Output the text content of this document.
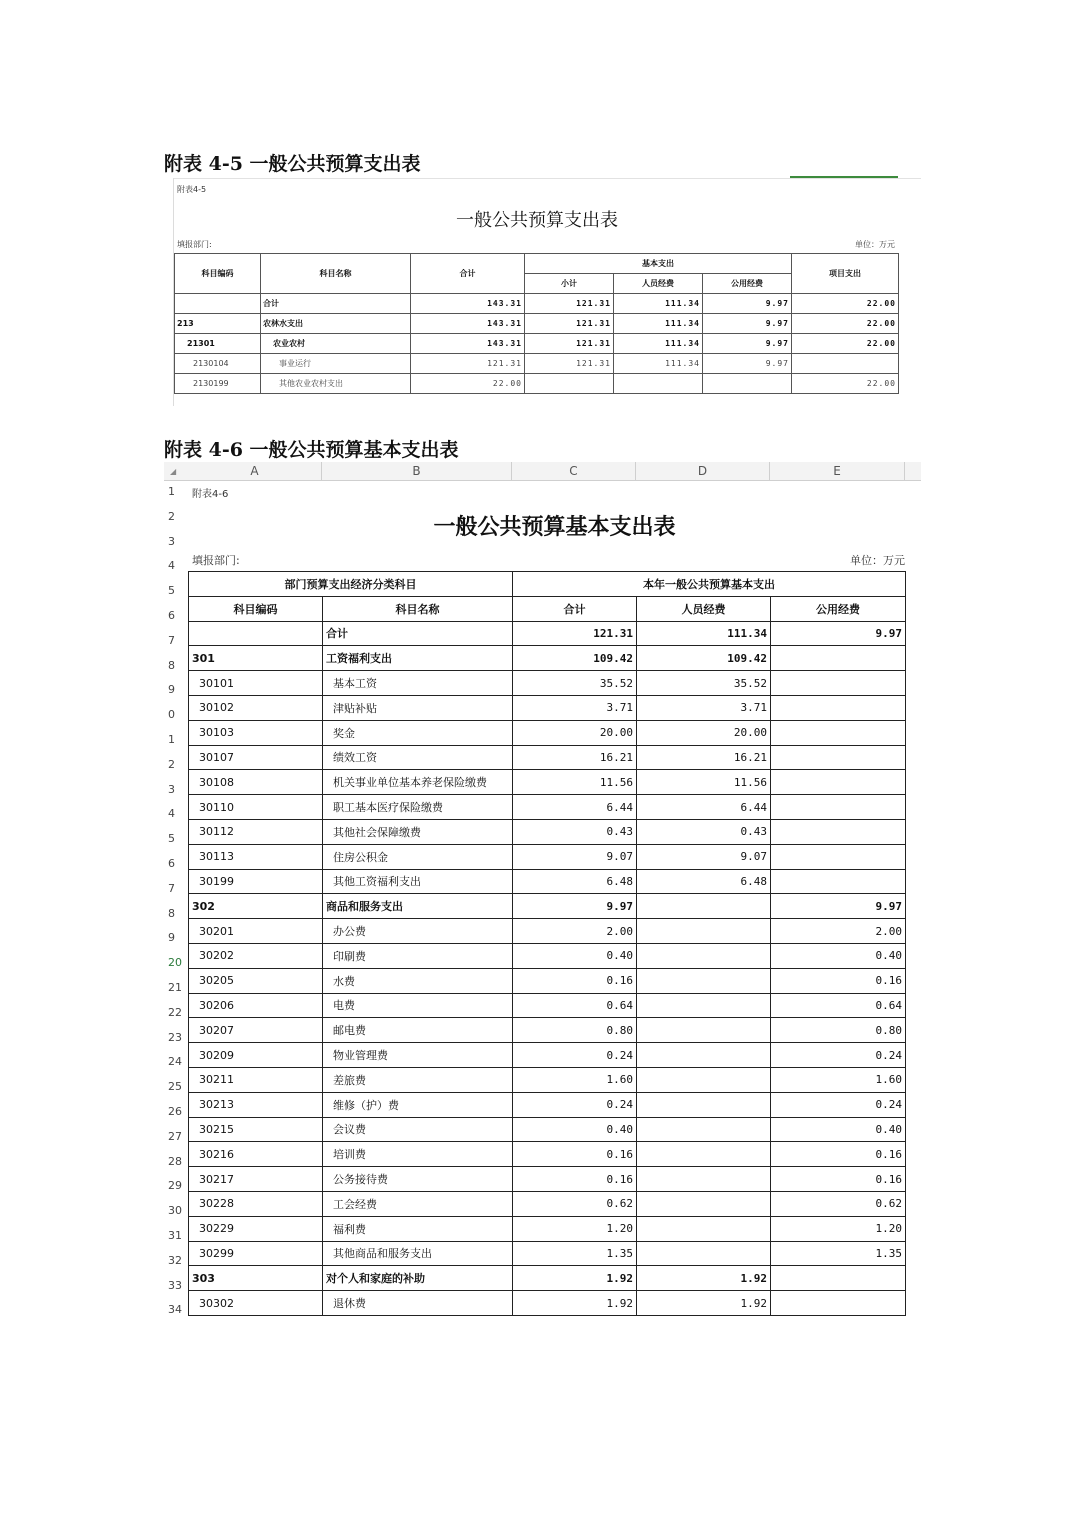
附表 4-5 一般公共预算支出表
附表4-5
一般公共预算支出表
填报部门:	单位：万元
科目编码	科目名称	合计	基本支出			项目支出
			小计	人员经费	公用经费	
	合计	143.31	121.31	111.34	9.97	22.00
213	农林水支出	143.31	121.31	111.34	9.97	22.00
21301	农业农村	143.31	121.31	111.34	9.97	22.00
2130104	事业运行	121.31	121.31	111.34	9.97	
2130199	其他农业农村支出	22.00				22.00
附表 4-6 一般公共预算基本支出表
◢	A	B	C	D	E
1
2
3
4
5
6
7
8
9
0
1
2
3
4
5
6
7
8
9
20
21
22
23
24
25
26
27
28
29
30
31
32
33
34
附表4-6
一般公共预算基本支出表
填报部门:	单位：万元
部门预算支出经济分类科目		本年一般公共预算基本支出		
科目编码	科目名称	合计	人员经费	公用经费
	合计	121.31	111.34	9.97
301	工资福利支出	109.42	109.42	
30101	基本工资	35.52	35.52	
30102	津贴补贴	3.71	3.71	
30103	奖金	20.00	20.00	
30107	绩效工资	16.21	16.21	
30108	机关事业单位基本养老保险缴费	11.56	11.56	
30110	职工基本医疗保险缴费	6.44	6.44	
30112	其他社会保障缴费	0.43	0.43	
30113	住房公积金	9.07	9.07	
30199	其他工资福利支出	6.48	6.48	
302	商品和服务支出	9.97		9.97
30201	办公费	2.00		2.00
30202	印刷费	0.40		0.40
30205	水费	0.16		0.16
30206	电费	0.64		0.64
30207	邮电费	0.80		0.80
30209	物业管理费	0.24		0.24
30211	差旅费	1.60		1.60
30213	维修（护）费	0.24		0.24
30215	会议费	0.40		0.40
30216	培训费	0.16		0.16
30217	公务接待费	0.16		0.16
30228	工会经费	0.62		0.62
30229	福利费	1.20		1.20
30299	其他商品和服务支出	1.35		1.35
303	对个人和家庭的补助	1.92	1.92	
30302	退休费	1.92	1.92	
